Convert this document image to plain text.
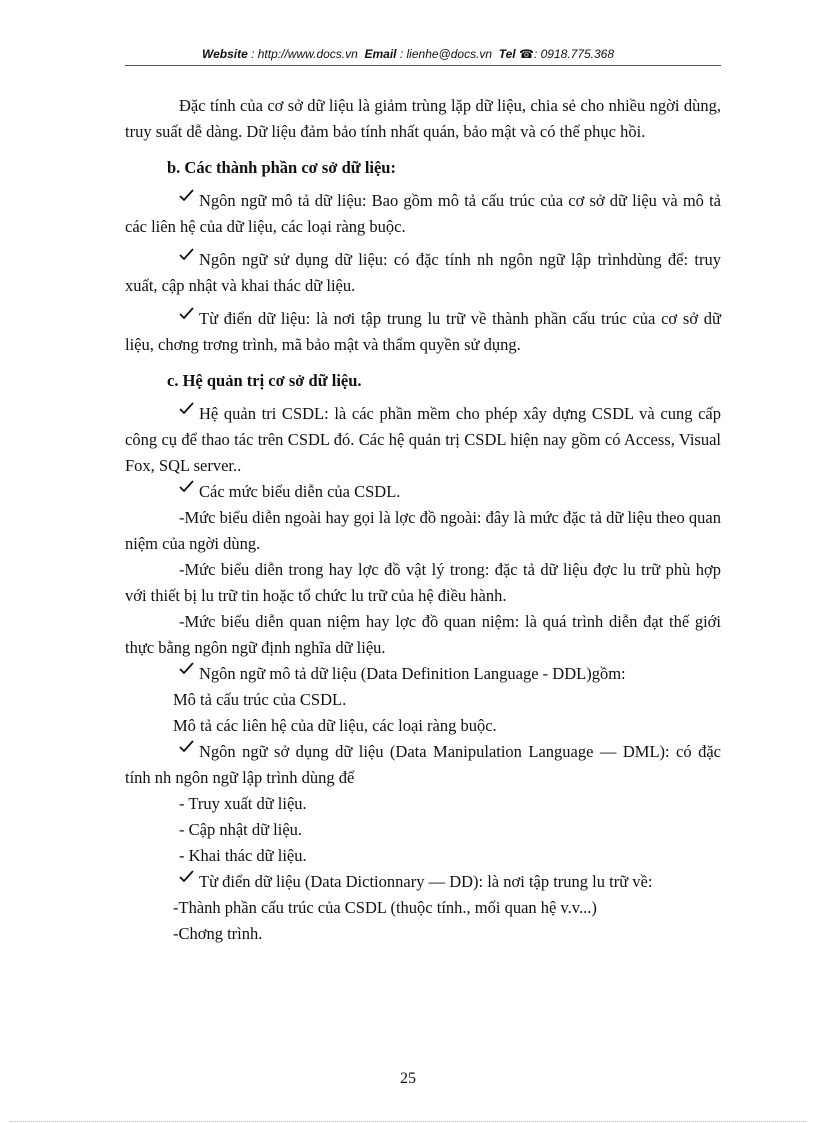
Website : http://www.docs.vn Email : lienhe@docs.vn Tel ☎: 0918.775.368

Đặc tính của cơ sở dữ liệu là giảm trùng lặp dữ liệu, chia sẻ cho nhiều ngời dùng, truy suất dễ dàng. Dữ liệu đảm bảo tính nhất quán, bảo mật và có thể phục hồi.

b. Các thành phần cơ sở dữ liệu:

Ngôn ngữ mô tả dữ liệu: Bao gồm mô tả cấu trúc của cơ sở dữ liệu và mô tả các liên hệ của dữ liệu, các loại ràng buộc.

Ngôn ngữ sử dụng dữ liệu: có đặc tính nh ngôn ngữ lập trìnhdùng để: truy xuất, cập nhật và khai thác dữ liệu.

Từ điển dữ liệu: là nơi tập trung lu trữ về thành phần cấu trúc của cơ sở dữ liệu, chơng trơng trình, mã bảo mật và thẩm quyền sử dụng.

c. Hệ quản trị cơ sở dữ liệu.

Hệ quản tri CSDL: là các phần mềm cho phép xây dựng CSDL và cung cấp công cụ để thao tác trên CSDL đó. Các hệ quản trị CSDL hiện nay gồm có Access, Visual Fox, SQL server..

Các mức biểu diễn của CSDL.

-Mức biểu diễn ngoài hay gọi là lợc đồ ngoài: đây là mức đặc tả dữ liệu theo quan niệm của ngời dùng.

-Mức biểu diễn trong hay lợc đồ vật lý trong: đặc tả dữ liệu đợc lu trữ phù hợp với thiết bị lu trữ tin hoặc tổ chức lu trữ của hệ điều hành.

-Mức biểu diễn quan niệm hay lợc đồ quan niệm: là quá trình diễn đạt thế giới thực bằng ngôn ngữ định nghĩa dữ liệu.

Ngôn ngữ mô tả dữ liệu (Data Definition Language - DDL)gồm:

Mô tả cấu trúc của CSDL.

Mô tả các liên hệ của dữ liệu, các loại ràng buộc.

Ngôn ngữ sở dụng dữ liệu (Data Manipulation Language — DML): có đặc tính nh ngôn ngữ lập trình dùng để

- Truy xuất dữ liệu.

- Cập nhật dữ liệu.

- Khai thác dữ liệu.

Từ điển dữ liệu (Data Dictionnary — DD): là nơi tập trung lu trữ về:

-Thành phần cấu trúc của CSDL (thuộc tính., mối quan hệ v.v...)

-Chơng trình.

25
